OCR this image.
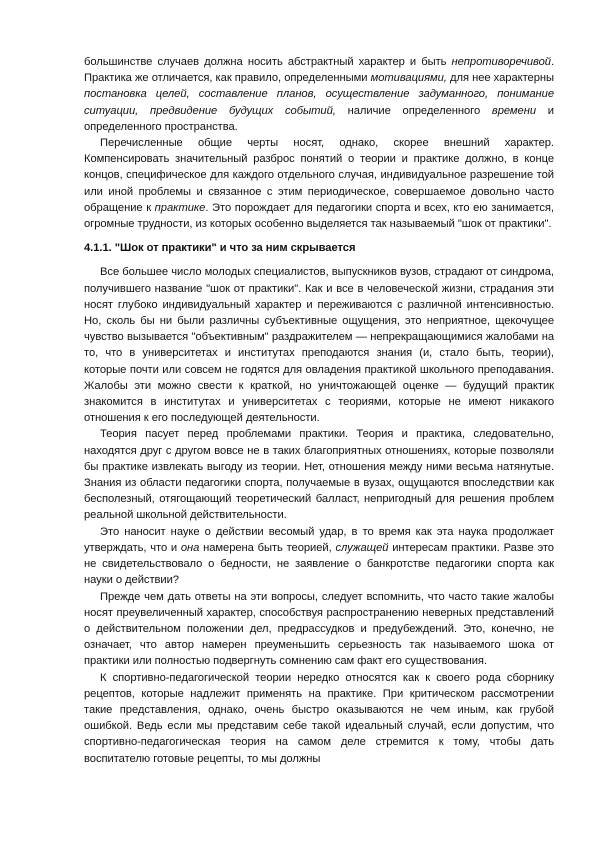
большинстве случаев должна носить абстрактный характер и быть непротиворечивой. Практика же отличается, как правило, определенными мотивациями, для нее характерны постановка целей, составление планов, осуществление задуманного, понимание ситуации, предвидение будущих событий, наличие определенного времени и определенного пространства.

Перечисленные общие черты носят, однако, скорее внешний характер. Компенсировать значительный разброс понятий о теории и практике должно, в конце концов, специфическое для каждого отдельного случая, индивидуальное разрешение той или иной проблемы и связанное с этим периодическое, совершаемое довольно часто обращение к практике. Это порождает для педагогики спорта и всех, кто ею занимается, огромные трудности, из которых особенно выделяется так называемый "шок от практики".

4.1.1. "Шок от практики" и что за ним скрывается

Все большее число молодых специалистов, выпускников вузов, страдают от синдрома, получившего название "шок от практики". Как и все в человеческой жизни, страдания эти носят глубоко индивидуальный характер и переживаются с различной интенсивностью. Но, сколь бы ни были различны субъективные ощущения, это неприятное, щекочущее чувство вызывается "объективным" раздражителем — непрекращающимися жалобами на то, что в университетах и институтах преподаются знания (и, стало быть, теории), которые почти или совсем не годятся для овладения практикой школьного преподавания. Жалобы эти можно свести к краткой, но уничтожающей оценке — будущий практик знакомится в институтах и университетах с теориями, которые не имеют никакого отношения к его последующей деятельности.

Теория пасует перед проблемами практики. Теория и практика, следовательно, находятся друг с другом вовсе не в таких благоприятных отношениях, которые позволяли бы практике извлекать выгоду из теории. Нет, отношения между ними весьма натянутые. Знания из области педагогики спорта, получаемые в вузах, ощущаются впоследствии как бесполезный, отягощающий теоретический балласт, непригодный для решения проблем реальной школьной действительности.

Это наносит науке о действии весомый удар, в то время как эта наука продолжает утверждать, что и она намерена быть теорией, служащей интересам практики. Разве это не свидетельствовало о бедности, не заявление о банкротстве педагогики спорта как науки о действии?

Прежде чем дать ответы на эти вопросы, следует вспомнить, что часто такие жалобы носят преувеличенный характер, способствуя распространению неверных представлений о действительном положении дел, предрассудков и предубеждений. Это, конечно, не означает, что автор намерен преуменьшить серьезность так называемого шока от практики или полностью подвергнуть сомнению сам факт его существования.

К спортивно-педагогической теории нередко относятся как к своего рода сборнику рецептов, которые надлежит применять на практике. При критическом рассмотрении такие представления, однако, очень быстро оказываются не чем иным, как грубой ошибкой. Ведь если мы представим себе такой идеальный случай, если допустим, что спортивно-педагогическая теория на самом деле стремится к тому, чтобы дать воспитателю готовые рецепты, то мы должны
